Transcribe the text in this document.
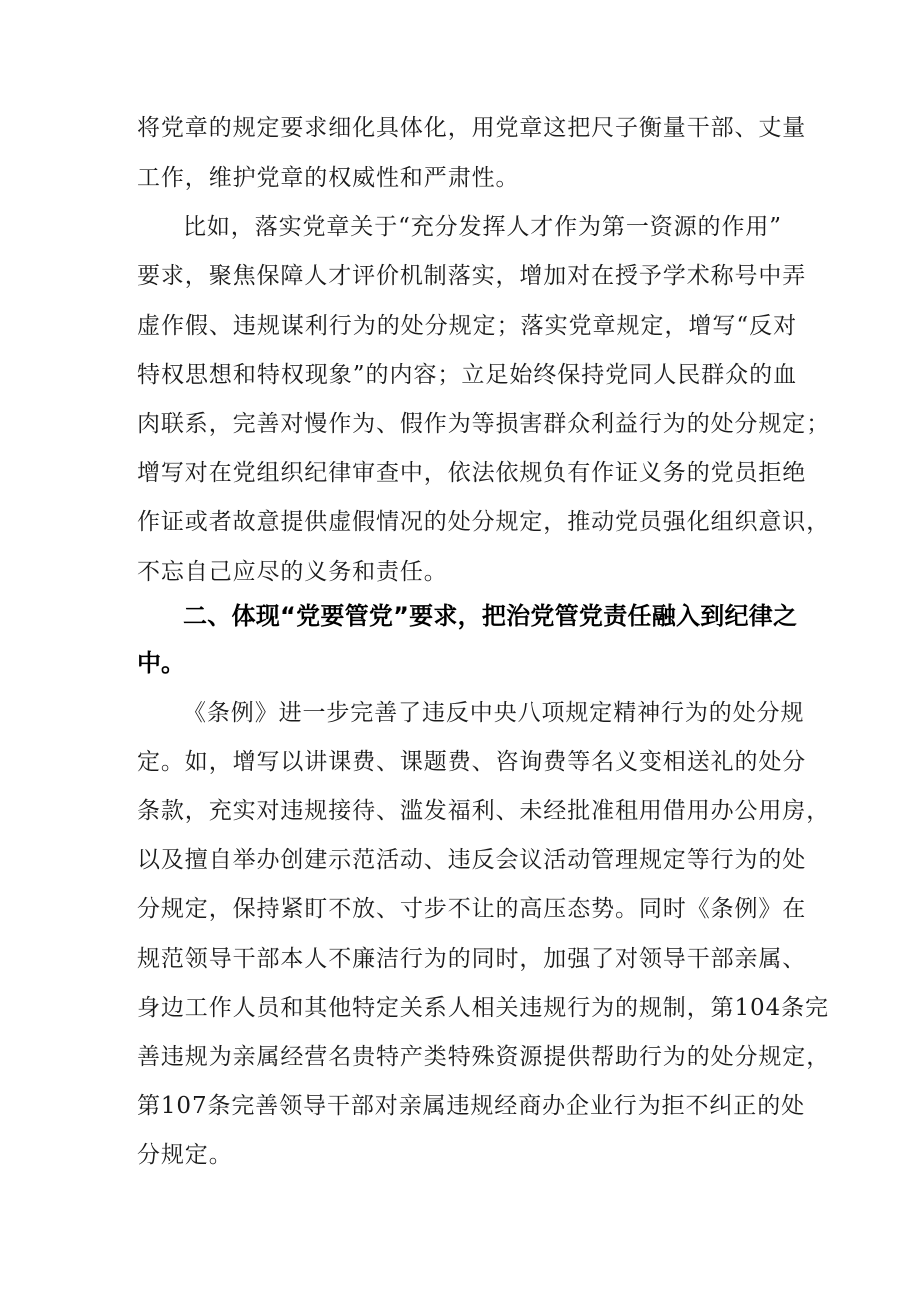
将党章的规定要求细化具体化，用党章这把尺子衡量干部、丈量
工作，维护党章的权威性和严肃性。
比如，落实党章关于“充分发挥人才作为第一资源的作用”
要求，聚焦保障人才评价机制落实，增加对在授予学术称号中弄
虚作假、违规谋利行为的处分规定；落实党章规定，增写“反对
特权思想和特权现象”的内容；立足始终保持党同人民群众的血
肉联系，完善对慢作为、假作为等损害群众利益行为的处分规定；
增写对在党组织纪律审查中，依法依规负有作证义务的党员拒绝
作证或者故意提供虚假情况的处分规定，推动党员强化组织意识，
不忘自己应尽的义务和责任。
二、体现“党要管党”要求，把治党管党责任融入到纪律之
中。
《条例》进一步完善了违反中央八项规定精神行为的处分规
定。如，增写以讲课费、课题费、咨询费等名义变相送礼的处分
条款，充实对违规接待、滥发福利、未经批准租用借用办公用房，
以及擅自举办创建示范活动、违反会议活动管理规定等行为的处
分规定，保持紧盯不放、寸步不让的高压态势。同时《条例》在
规范领导干部本人不廉洁行为的同时，加强了对领导干部亲属、
身边工作人员和其他特定关系人相关违规行为的规制，第104条完
善违规为亲属经营名贵特产类特殊资源提供帮助行为的处分规定，
第107条完善领导干部对亲属违规经商办企业行为拒不纠正的处
分规定。
